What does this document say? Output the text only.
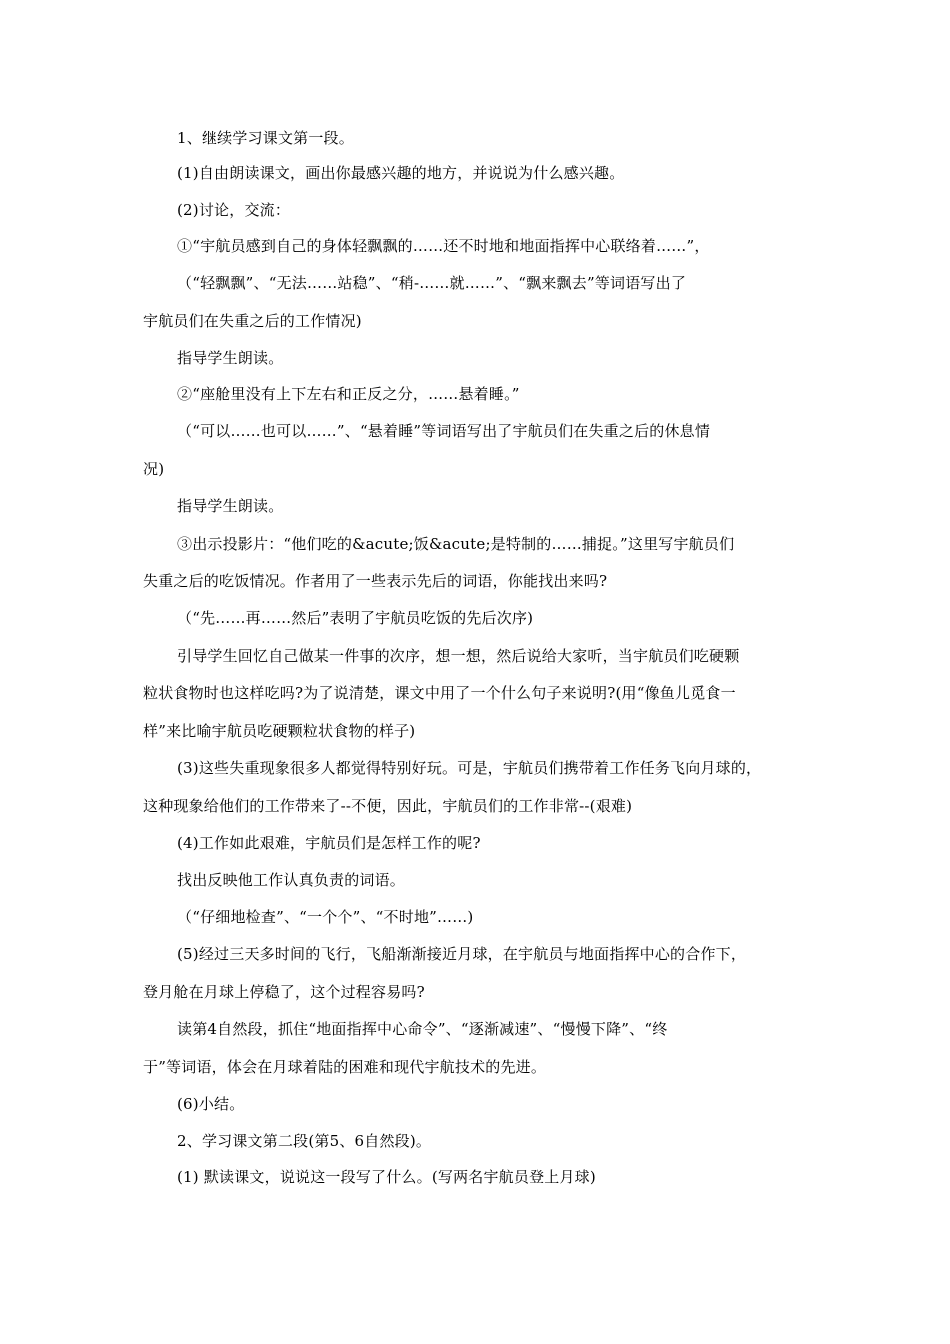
1、继续学习课文第一段。
(1)自由朗读课文，画出你最感兴趣的地方，并说说为什么感兴趣。
(2)讨论，交流：
①“宇航员感到自己的身体轻飘飘的……还不时地和地面指挥中心联络着……”，
（“轻飘飘”、“无法……站稳”、“稍-……就……”、“飘来飘去”等词语写出了
宇航员们在失重之后的工作情况)
指导学生朗读。
②“座舱里没有上下左右和正反之分，……悬着睡。”
（“可以……也可以……”、“悬着睡”等词语写出了宇航员们在失重之后的休息情
况)
指导学生朗读。
③出示投影片：“他们吃的&acute;饭&acute;是特制的……捕捉。”这里写宇航员们
失重之后的吃饭情况。作者用了一些表示先后的词语，你能找出来吗?
（“先……再……然后”表明了宇航员吃饭的先后次序)
引导学生回忆自己做某一件事的次序，想一想，然后说给大家听，当宇航员们吃硬颗
粒状食物时也这样吃吗?为了说清楚，课文中用了一个什么句子来说明?(用“像鱼儿觅食一
样”来比喻宇航员吃硬颗粒状食物的样子)
(3)这些失重现象很多人都觉得特别好玩。可是，宇航员们携带着工作任务飞向月球的，
这种现象给他们的工作带来了--不便，因此，宇航员们的工作非常--(艰难)
(4)工作如此艰难，宇航员们是怎样工作的呢?
找出反映他工作认真负责的词语。
（“仔细地检查”、“一个个”、“不时地”……)
(5)经过三天多时间的飞行，飞船渐渐接近月球，在宇航员与地面指挥中心的合作下，
登月舱在月球上停稳了，这个过程容易吗?
读第4自然段，抓住“地面指挥中心命令”、“逐渐减速”、“慢慢下降”、“终
于”等词语，体会在月球着陆的困难和现代宇航技术的先进。
(6)小结。
2、学习课文第二段(第5、6自然段)。
(1) 默读课文，说说这一段写了什么。(写两名宇航员登上月球)
